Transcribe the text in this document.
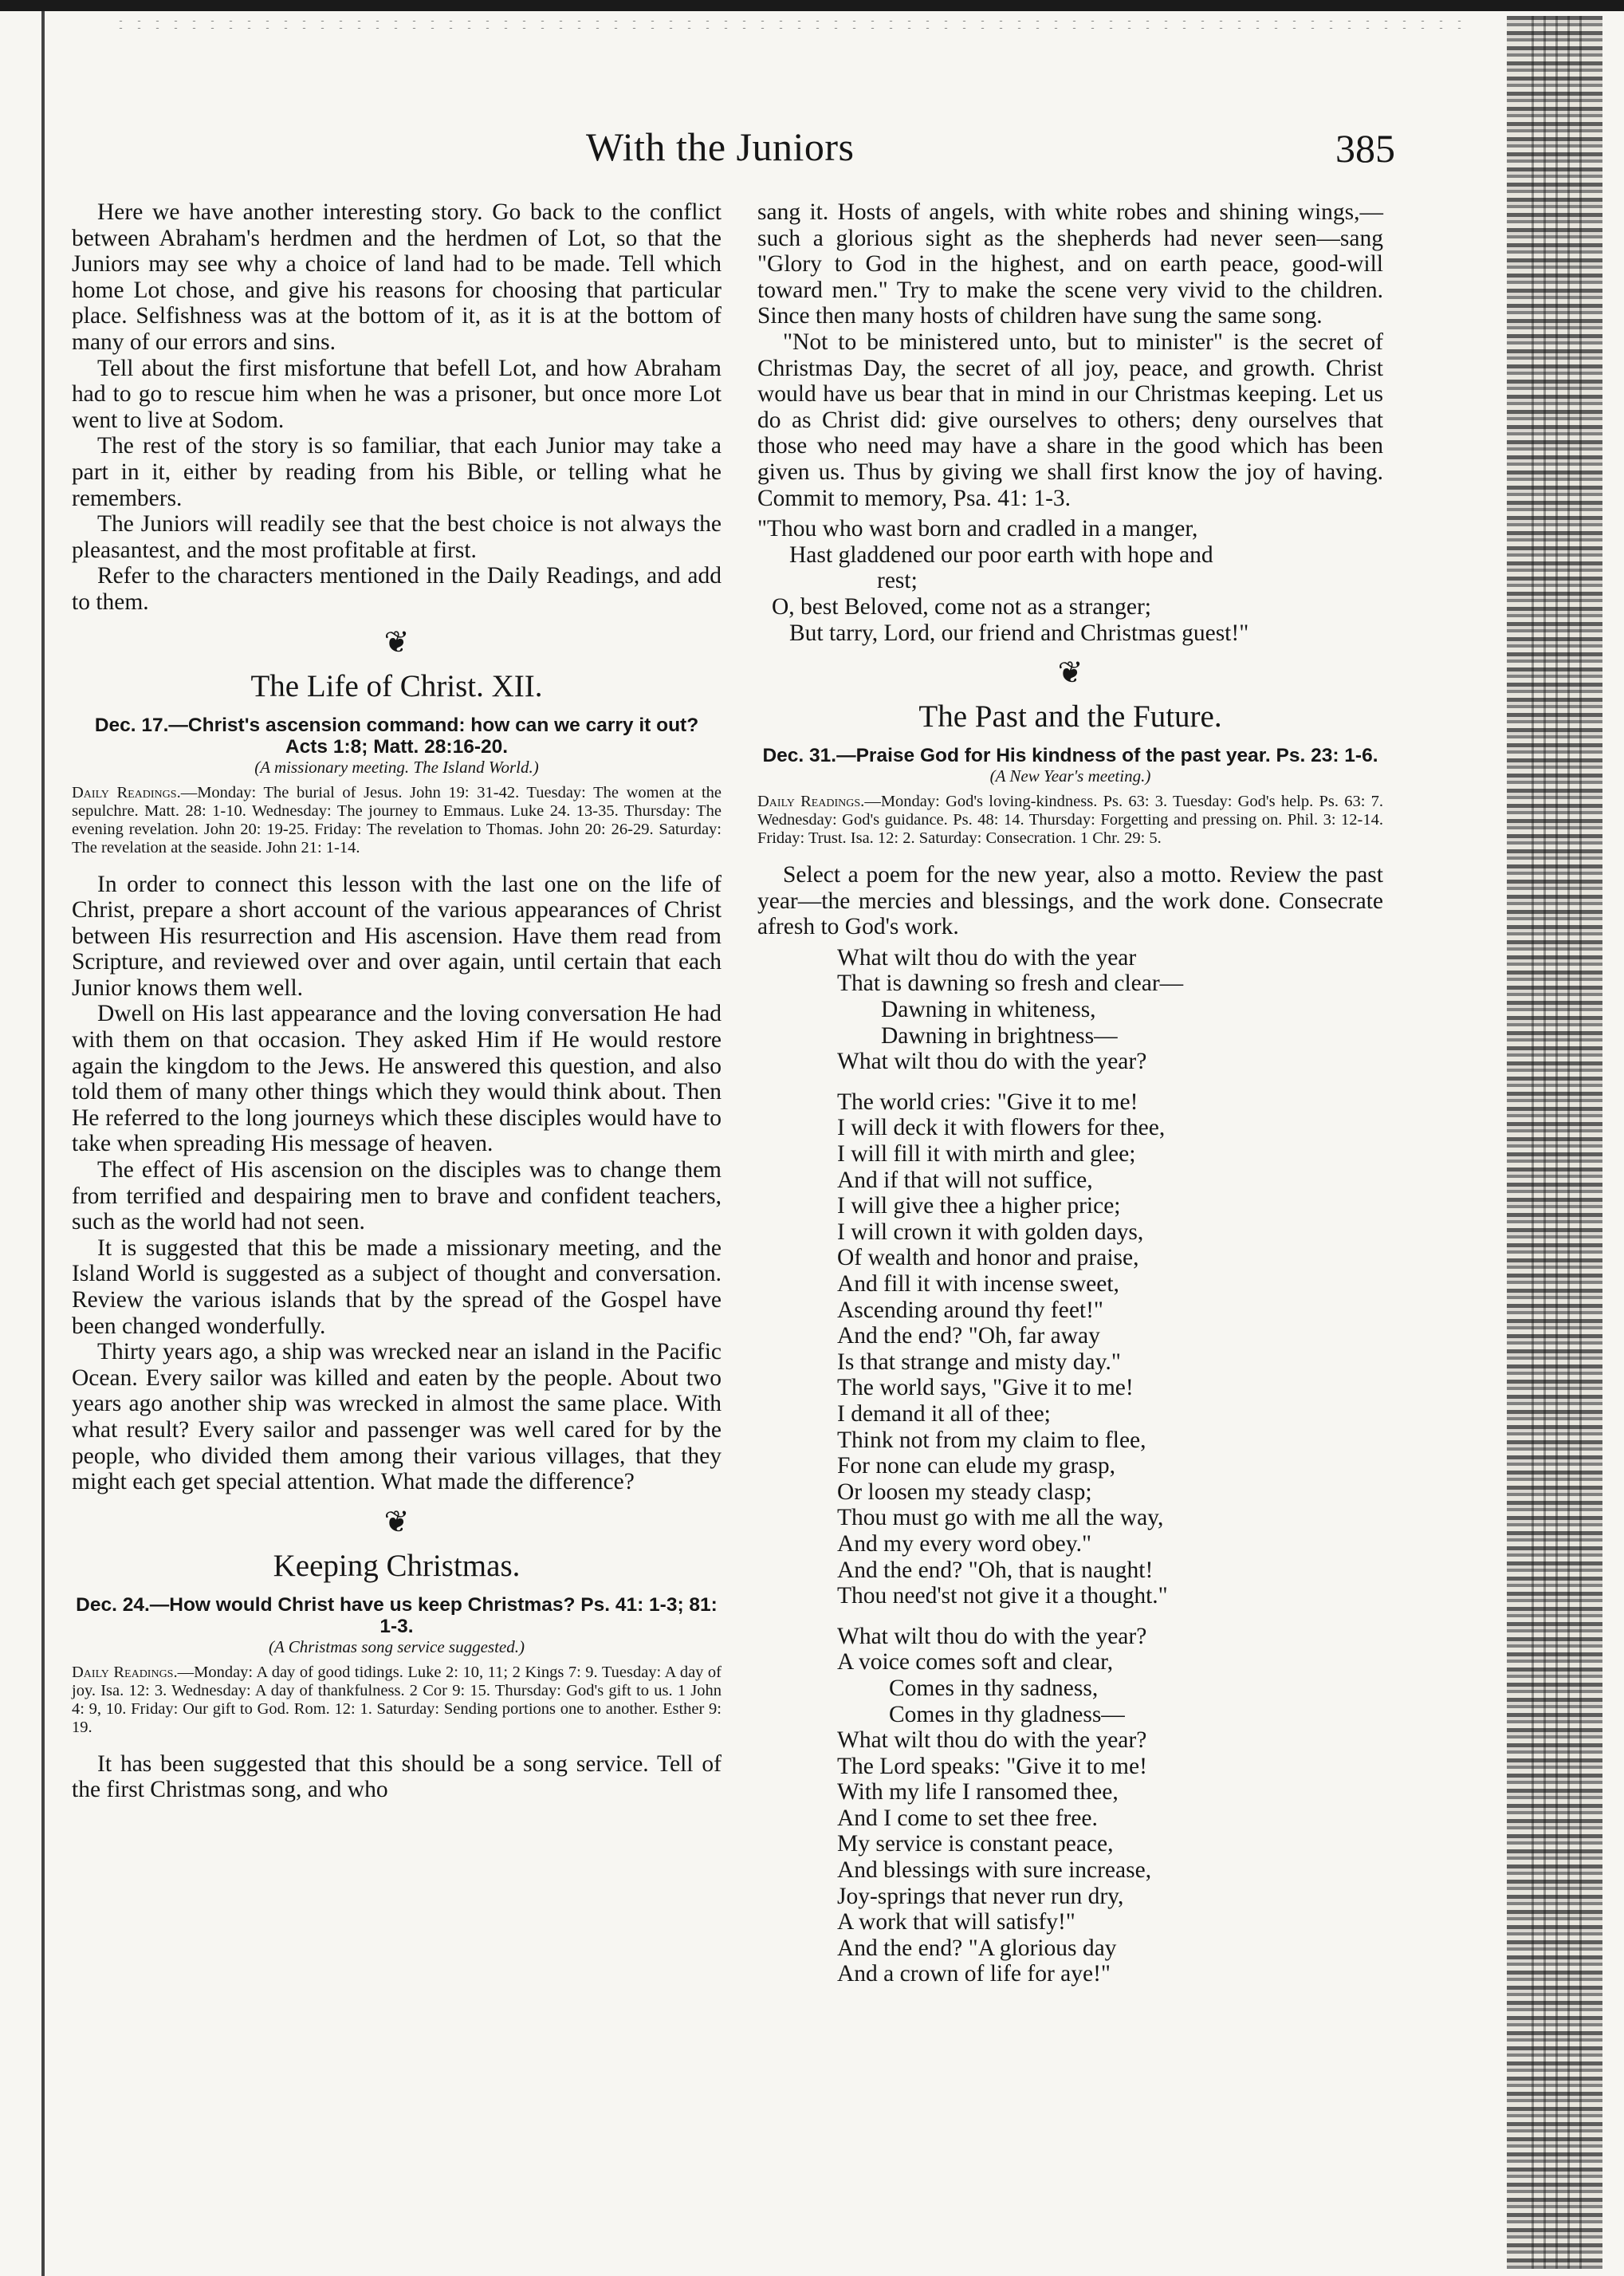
With the Juniors	385

Here we have another interesting story. Go back to the conflict between Abraham's herdmen and the herdmen of Lot, so that the Juniors may see why a choice of land had to be made. Tell which home Lot chose, and give his reasons for choosing that particular place. Selfishness was at the bottom of it, as it is at the bottom of many of our errors and sins.

Tell about the first misfortune that befell Lot, and how Abraham had to go to rescue him when he was a prisoner, but once more Lot went to live at Sodom.

The rest of the story is so familiar, that each Junior may take a part in it, either by reading from his Bible, or telling what he remembers.

The Juniors will readily see that the best choice is not always the pleasantest, and the most profitable at first.

Refer to the characters mentioned in the Daily Readings, and add to them.

❦
The Life of Christ. XII.
Dec. 17.—Christ's ascension command: how can we carry it out? Acts 1:8; Matt. 28:16-20.
(A missionary meeting. The Island World.)
Daily Readings.—Monday: The burial of Jesus. John 19: 31-42. Tuesday: The women at the sepulchre. Matt. 28: 1-10. Wednesday: The journey to Emmaus. Luke 24. 13-35. Thursday: The evening revelation. John 20: 19-25. Friday: The revelation to Thomas. John 20: 26-29. Saturday: The revelation at the seaside. John 21: 1-14.

In order to connect this lesson with the last one on the life of Christ, prepare a short account of the various appearances of Christ between His resurrection and His ascension. Have them read from Scripture, and reviewed over and over again, until certain that each Junior knows them well.

Dwell on His last appearance and the loving conversation He had with them on that occasion. They asked Him if He would restore again the kingdom to the Jews. He answered this question, and also told them of many other things which they would think about. Then He referred to the long journeys which these disciples would have to take when spreading His message of heaven.

The effect of His ascension on the disciples was to change them from terrified and despairing men to brave and confident teachers, such as the world had not seen.

It is suggested that this be made a missionary meeting, and the Island World is suggested as a subject of thought and conversation. Review the various islands that by the spread of the Gospel have been changed wonderfully.

Thirty years ago, a ship was wrecked near an island in the Pacific Ocean. Every sailor was killed and eaten by the people. About two years ago another ship was wrecked in almost the same place. With what result? Every sailor and passenger was well cared for by the people, who divided them among their various villages, that they might each get special attention. What made the difference?

❦
Keeping Christmas.
Dec. 24.—How would Christ have us keep Christmas? Ps. 41: 1-3; 81: 1-3.
(A Christmas song service suggested.)
Daily Readings.—Monday: A day of good tidings. Luke 2: 10, 11; 2 Kings 7: 9. Tuesday: A day of joy. Isa. 12: 3. Wednesday: A day of thankfulness. 2 Cor 9: 15. Thursday: God's gift to us. 1 John 4: 9, 10. Friday: Our gift to God. Rom. 12: 1. Saturday: Sending portions one to another. Esther 9: 19.

It has been suggested that this should be a song service. Tell of the first Christmas song, and who

sang it. Hosts of angels, with white robes and shining wings,—such a glorious sight as the shepherds had never seen—sang "Glory to God in the highest, and on earth peace, good-will toward men." Try to make the scene very vivid to the children. Since then many hosts of children have sung the same song.

"Not to be ministered unto, but to minister" is the secret of Christmas Day, the secret of all joy, peace, and growth. Christ would have us bear that in mind in our Christmas keeping. Let us do as Christ did: give ourselves to others; deny ourselves that those who need may have a share in the good which has been given us. Thus by giving we shall first know the joy of having. Commit to memory, Psa. 41: 1-3.

"Thou who wast born and cradled in a manger,
Hast gladdened our poor earth with hope and
rest;
O, best Beloved, come not as a stranger;
But tarry, Lord, our friend and Christmas guest!"
❦
The Past and the Future.
Dec. 31.—Praise God for His kindness of the past year. Ps. 23: 1-6.
(A New Year's meeting.)
Daily Readings.—Monday: God's loving-kindness. Ps. 63: 3. Tuesday: God's help. Ps. 63: 7. Wednesday: God's guidance. Ps. 48: 14. Thursday: Forgetting and pressing on. Phil. 3: 12-14. Friday: Trust. Isa. 12: 2. Saturday: Consecration. 1 Chr. 29: 5.

Select a poem for the new year, also a motto. Review the past year—the mercies and blessings, and the work done. Consecrate afresh to God's work.

What wilt thou do with the year
That is dawning so fresh and clear—
Dawning in whiteness,
Dawning in brightness—
What wilt thou do with the year?
The world cries: "Give it to me!
I will deck it with flowers for thee,
I will fill it with mirth and glee;
And if that will not suffice,
I will give thee a higher price;
I will crown it with golden days,
Of wealth and honor and praise,
And fill it with incense sweet,
Ascending around thy feet!"
And the end? "Oh, far away
Is that strange and misty day."
The world says, "Give it to me!
I demand it all of thee;
Think not from my claim to flee,
For none can elude my grasp,
Or loosen my steady clasp;
Thou must go with me all the way,
And my every word obey."
And the end? "Oh, that is naught!
Thou need'st not give it a thought."
What wilt thou do with the year?
A voice comes soft and clear,
Comes in thy sadness,
Comes in thy gladness—
What wilt thou do with the year?
The Lord speaks: "Give it to me!
With my life I ransomed thee,
And I come to set thee free.
My service is constant peace,
And blessings with sure increase,
Joy-springs that never run dry,
A work that will satisfy!"
And the end? "A glorious day
And a crown of life for aye!"
